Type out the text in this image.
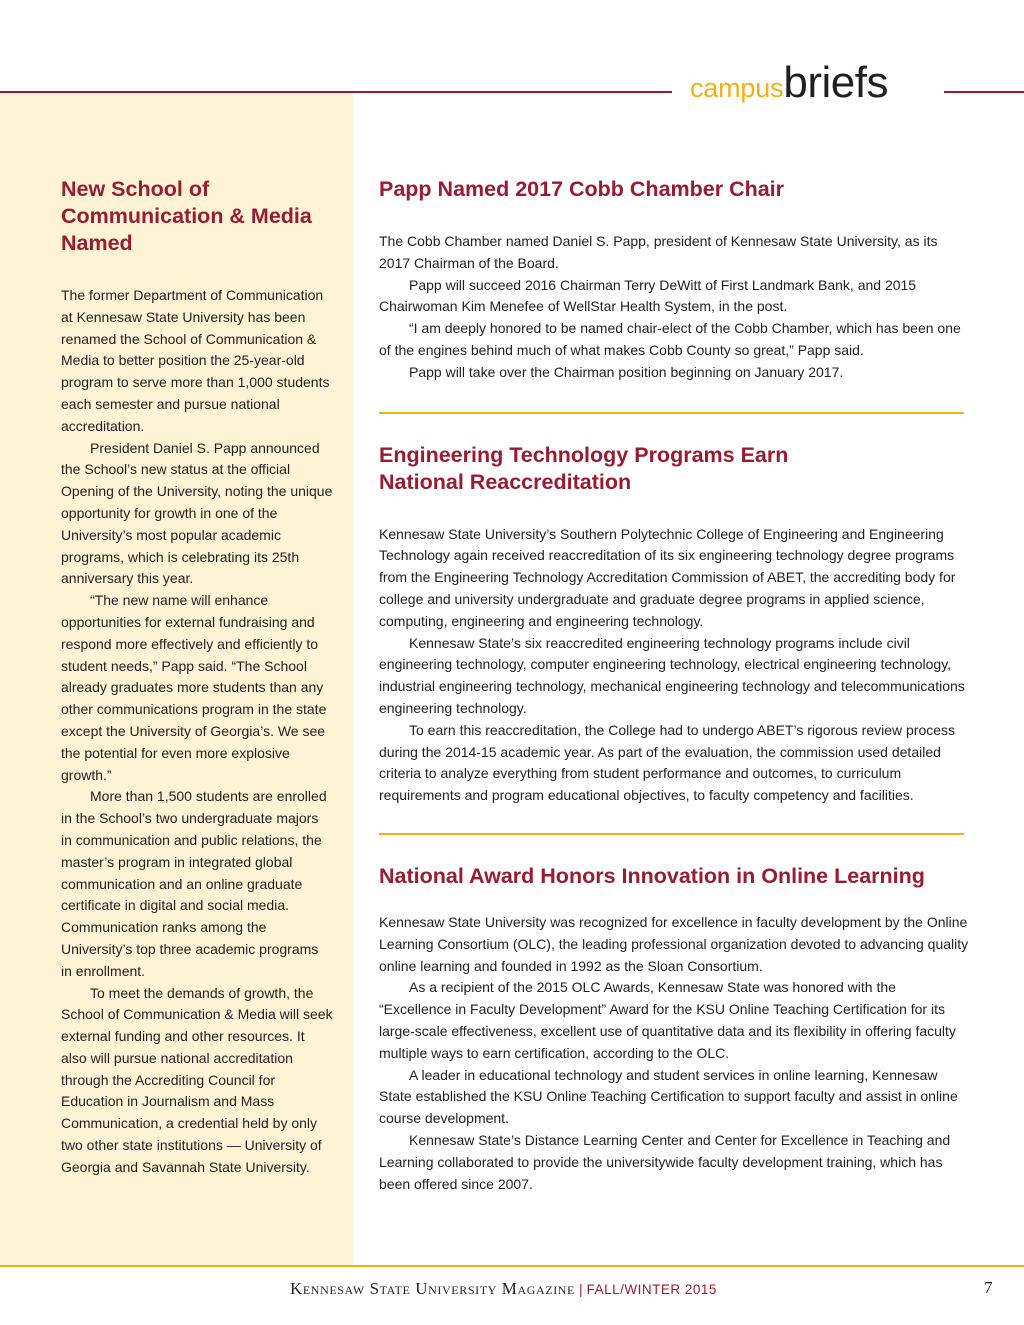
campusbriefs
New School of Communication & Media Named

The former Department of Communication at Kennesaw State University has been renamed the School of Communication & Media to better position the 25-year-old program to serve more than 1,000 students each semester and pursue national accreditation.

President Daniel S. Papp announced the School’s new status at the official Opening of the University, noting the unique opportunity for growth in one of the University’s most popular academic programs, which is celebrating its 25th anniversary this year.

“The new name will enhance opportunities for external fundraising and respond more effectively and efficiently to student needs,” Papp said. “The School already graduates more students than any other communications program in the state except the University of Georgia’s. We see the potential for even more explosive growth.”

More than 1,500 students are enrolled in the School’s two undergraduate majors in communication and public relations, the master’s program in integrated global communication and an online graduate certificate in digital and social media. Communication ranks among the University’s top three academic programs in enrollment.

To meet the demands of growth, the School of Communication & Media will seek external funding and other resources. It also will pursue national accreditation through the Accrediting Council for Education in Journalism and Mass Communication, a credential held by only two other state institutions — University of Georgia and Savannah State University.

Papp Named 2017 Cobb Chamber Chair

The Cobb Chamber named Daniel S. Papp, president of Kennesaw State University, as its 2017 Chairman of the Board.

Papp will succeed 2016 Chairman Terry DeWitt of First Landmark Bank, and 2015 Chairwoman Kim Menefee of WellStar Health System, in the post.

“I am deeply honored to be named chair-elect of the Cobb Chamber, which has been one of the engines behind much of what makes Cobb County so great,” Papp said.

Papp will take over the Chairman position beginning on January 2017.

Engineering Technology Programs Earn National Reaccreditation

Kennesaw State University’s Southern Polytechnic College of Engineering and Engineering Technology again received reaccreditation of its six engineering technology degree programs from the Engineering Technology Accreditation Commission of ABET, the accrediting body for college and university undergraduate and graduate degree programs in applied science, computing, engineering and engineering technology.

Kennesaw State’s six reaccredited engineering technology programs include civil engineering technology, computer engineering technology, electrical engineering technology, industrial engineering technology, mechanical engineering technology and telecommunications engineering technology.

To earn this reaccreditation, the College had to undergo ABET’s rigorous review process during the 2014-15 academic year. As part of the evaluation, the commission used detailed criteria to analyze everything from student performance and outcomes, to curriculum requirements and program educational objectives, to faculty competency and facilities.

National Award Honors Innovation in Online Learning

Kennesaw State University was recognized for excellence in faculty development by the Online Learning Consortium (OLC), the leading professional organization devoted to advancing quality online learning and founded in 1992 as the Sloan Consortium.

As a recipient of the 2015 OLC Awards, Kennesaw State was honored with the “Excellence in Faculty Development” Award for the KSU Online Teaching Certification for its large-scale effectiveness, excellent use of quantitative data and its flexibility in offering faculty multiple ways to earn certification, according to the OLC.

A leader in educational technology and student services in online learning, Kennesaw State established the KSU Online Teaching Certification to support faculty and assist in online course development.

Kennesaw State’s Distance Learning Center and Center for Excellence in Teaching and Learning collaborated to provide the universitywide faculty development training, which has been offered since 2007.

Kennesaw State University Magazine | FALL/WINTER 2015	7
